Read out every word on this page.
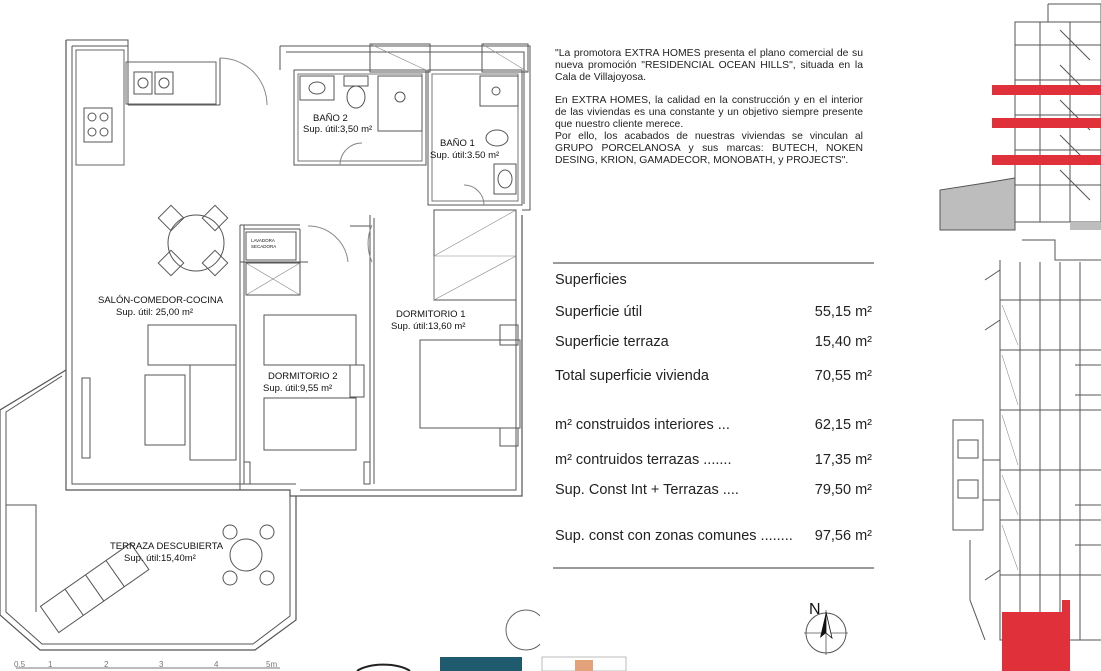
BAÑO 2
Sup. útil:3,50 m²
BAÑO 1
Sup. útil:3.50 m²
LAVADORA
SECADORA
SALÓN-COMEDOR-COCINA
Sup. útil: 25,00 m²	DORMITORIO 1
Sup. útil:13,60 m²
DORMITORIO 2
Sup. útil:9,55 m²
TERRAZA DESCUBIERTA
Sup. útil:15,40m²
0.5	1	2	3	4	5m

"La promotora EXTRA HOMES presenta el plano comercial de su nueva promoción "RESIDENCIAL OCEAN HILLS", situada en la Cala de Villajoyosa.

En EXTRA HOMES, la calidad en la construcción y en el interior de las viviendas es una constante y un objetivo siempre presente que nuestro cliente merece.

Por ello, los acabados de nuestras viviendas se vinculan al GRUPO PORCELANOSA y sus marcas: BUTECH, NOKEN DESING, KRION, GAMADECOR, MONOBATH, y PROJECTS".

Superficies
Superficie útil	55,15 m²
Superficie terraza	15,40 m²
Total superficie vivienda	70,55 m²
m² construidos interiores ...	62,15 m²
m² contruidos terrazas .......	17,35 m²
Sup. Const Int + Terrazas ....	79,50 m²
Sup. const con zonas comunes ........ 97,56 m²
N
